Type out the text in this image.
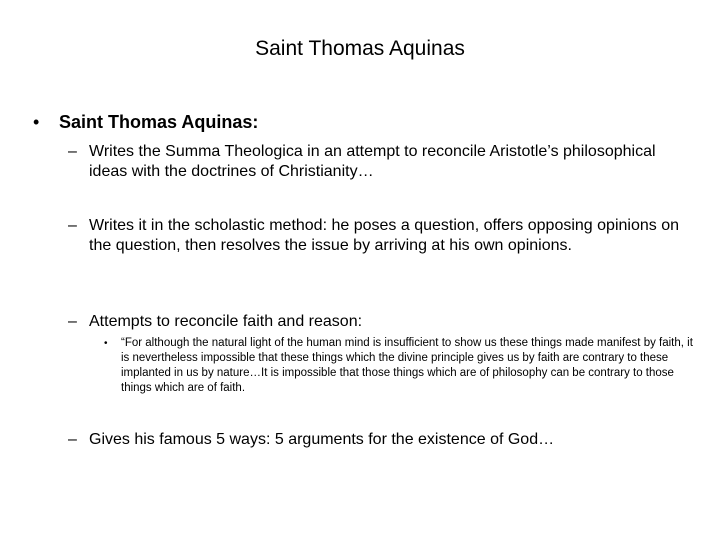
Saint Thomas Aquinas
• Saint Thomas Aquinas:
– Writes the Summa Theologica in an attempt to reconcile Aristotle’s philosophical ideas with the doctrines of Christianity…
– Writes it in the scholastic method: he poses a question, offers opposing opinions on the question, then resolves the issue by arriving at his own opinions.
– Attempts to reconcile faith and reason:
• “For although the natural light of the human mind is insufficient to show us these things made manifest by faith, it is nevertheless impossible that these things which the divine principle gives us by faith are contrary to these implanted in us by nature…It is impossible that those things which are of philosophy can be contrary to those things which are of faith.
– Gives his famous 5 ways: 5 arguments for the existence of God…
